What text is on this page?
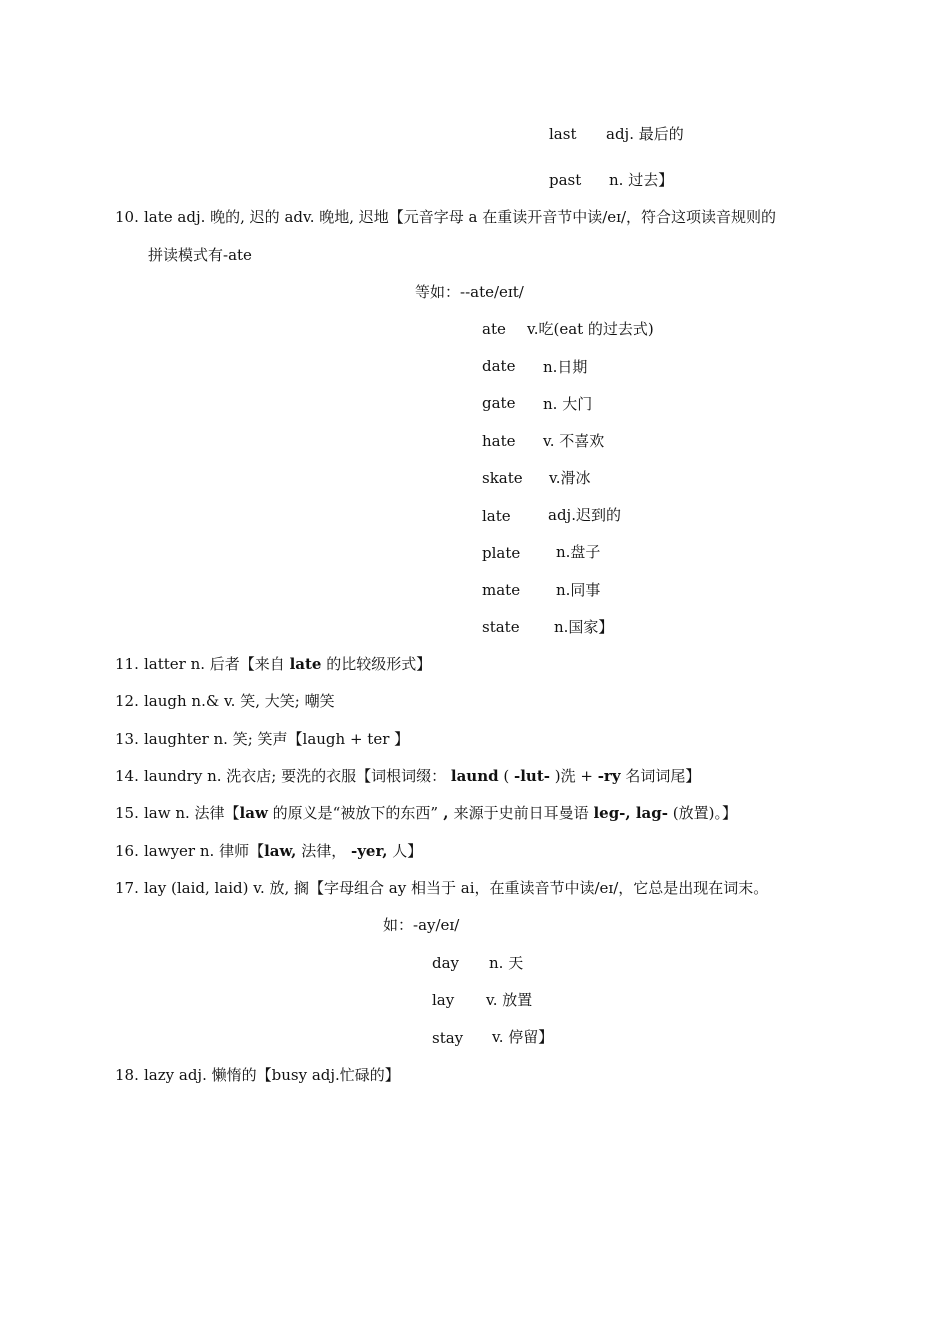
last adj. 最后的
past n. 过去】
10. late adj. 晚的, 迟的 adv. 晚地, 迟地【元音字母 a 在重读开音节中读/eɪ/，符合这项读音规则的
拼读模式有-ate
等如：--ate/eɪt/
ate v.吃(eat 的过去式)
date n.日期
gate n. 大门
hate v. 不喜欢
skate v.滑冰
late adj.迟到的
plate n.盘子
mate n.同事
state n.国家】
11. latter n. 后者【来自 late 的比较级形式】
12. laugh n.& v. 笑, 大笑; 嘲笑
13. laughter n. 笑; 笑声【laugh + ter 】
14. laundry n. 洗衣店; 要洗的衣服【词根词缀： laund ( -lut- )洗 + -ry 名词词尾】
15. law n. 法律【law 的原义是“被放下的东西” , 来源于史前日耳曼语 leg-, lag- (放置)。】
16. lawyer n. 律师【law, 法律， -yer, 人】
17. lay (laid, laid) v. 放, 搁【字母组合 ay 相当于 ai，在重读音节中读/eɪ/，它总是出现在词末。
如：-ay/eɪ/
day n. 天
lay v. 放置
stay v. 停留】
18. lazy adj. 懒惰的【busy adj.忙碌的】
